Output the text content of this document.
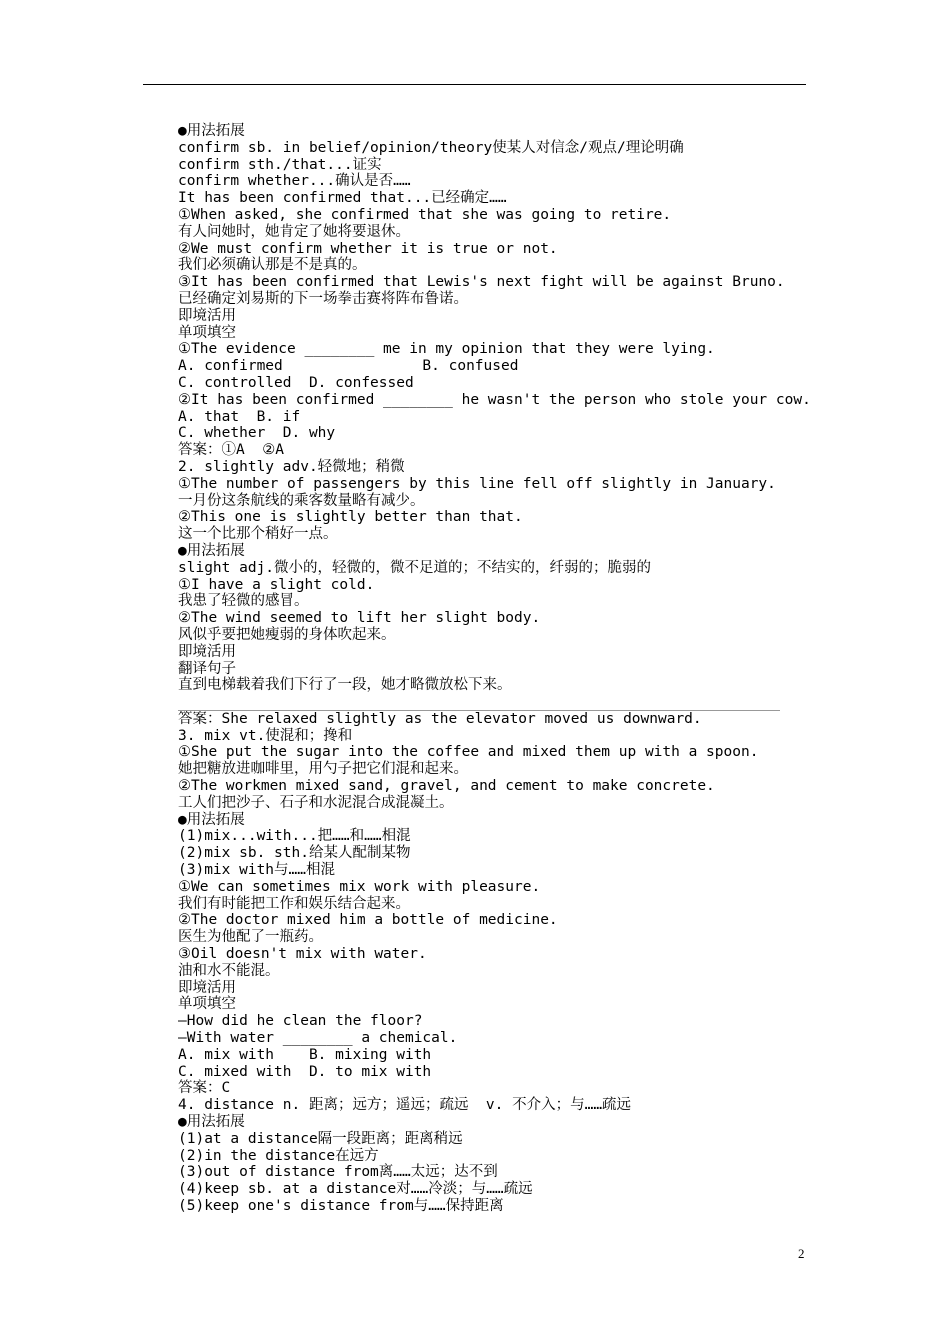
●用法拓展
confirm sb. in belief/opinion/theory使某人对信念/观点/理论明确
confirm sth./that...证实
confirm whether...确认是否……
It has been confirmed that...已经确定……
①When asked, she confirmed that she was going to retire.
有人问她时，她肯定了她将要退休。
②We must confirm whether it is true or not.
我们必须确认那是不是真的。
③It has been confirmed that Lewis's next fight will be against Bruno.
已经确定刘易斯的下一场拳击赛将阵布鲁诺。
即境活用
单项填空
①The evidence ________ me in my opinion that they were lying.
A. confirmed                B. confused
C. controlled  D. confessed
②It has been confirmed ________ he wasn't the person who stole your cow.
A. that  B. if
C. whether  D. why
答案：①A  ②A
2. slightly adv.轻微地；稍微
①The number of passengers by this line fell off slightly in January.
一月份这条航线的乘客数量略有减少。
②This one is slightly better than that.
这一个比那个稍好一点。
●用法拓展
slight adj.微小的，轻微的，微不足道的；不结实的，纤弱的；脆弱的
①I have a slight cold.
我患了轻微的感冒。
②The wind seemed to lift her slight body.
风似乎要把她瘦弱的身体吹起来。
即境活用
翻译句子
直到电梯载着我们下行了一段，她才略微放松下来。
答案：She relaxed slightly as the elevator moved us downward.
3. mix vt.使混和；搀和
①She put the sugar into the coffee and mixed them up with a spoon.
她把糖放进咖啡里，用勺子把它们混和起来。
②The workmen mixed sand, gravel, and cement to make concrete.
工人们把沙子、石子和水泥混合成混凝土。
●用法拓展
(1)mix...with...把……和……相混
(2)mix sb. sth.给某人配制某物
(3)mix with与……相混
①We can sometimes mix work with pleasure.
我们有时能把工作和娱乐结合起来。
②The doctor mixed him a bottle of medicine.
医生为他配了一瓶药。
③Oil doesn't mix with water.
油和水不能混。
即境活用
单项填空
—How did he clean the floor?
—With water ________ a chemical.
A. mix with    B. mixing with
C. mixed with  D. to mix with
答案：C
4. distance n. 距离；远方；遥远；疏远  v. 不介入；与……疏远
●用法拓展
(1)at a distance隔一段距离；距离稍远
(2)in the distance在远方
(3)out of distance from离……太远；达不到
(4)keep sb. at a distance对……冷淡；与……疏远
(5)keep one's distance from与……保持距离
2
